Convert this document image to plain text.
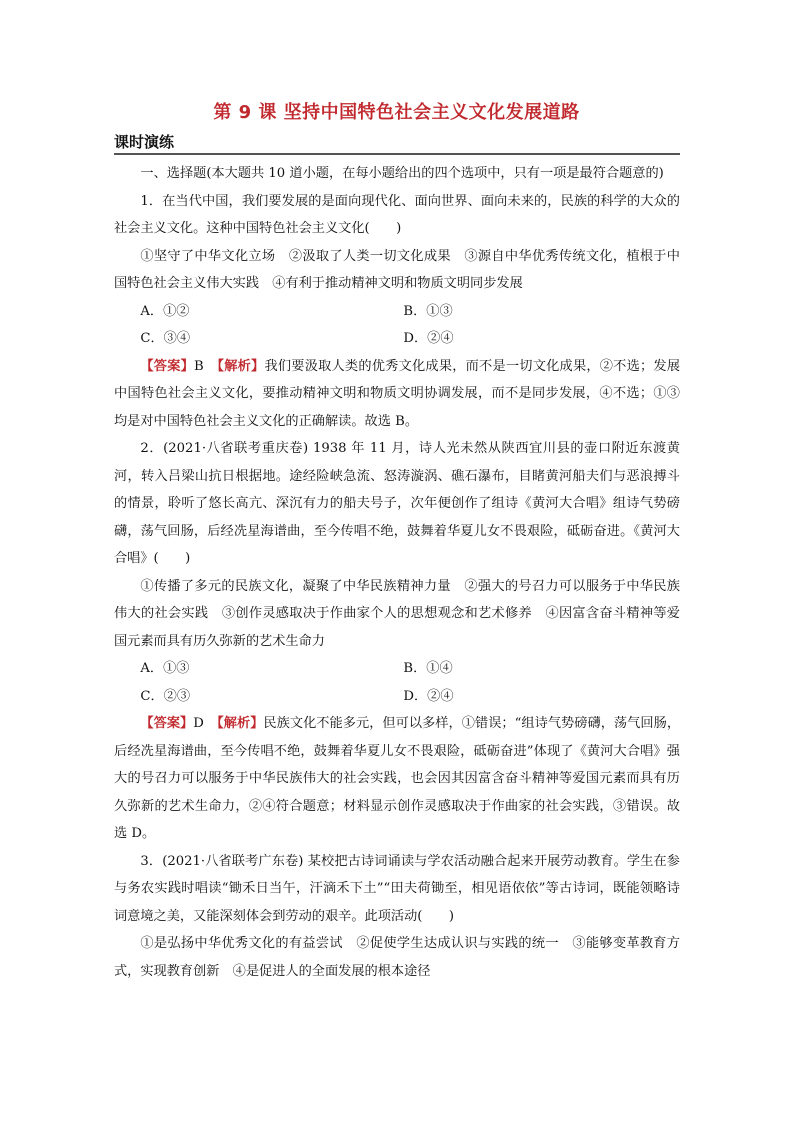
第 9 课 坚持中国特色社会主义文化发展道路
课时演练

一、选择题(本大题共 10 道小题，在每小题给出的四个选项中，只有一项是最符合题意的)

1．在当代中国，我们要发展的是面向现代化、面向世界、面向未来的，民族的科学的大众的社会主义文化。这种中国特色社会主义文化(　　)

①坚守了中华文化立场　②汲取了人类一切文化成果　③源自中华优秀传统文化，植根于中国特色社会主义伟大实践　④有利于推动精神文明和物质文明同步发展

A．①②	B．①③
C．③④	D．②④

【答案】B　 【解析】我们要汲取人类的优秀文化成果，而不是一切文化成果，②不选；发展中国特色社会主义文化，要推动精神文明和物质文明协调发展，而不是同步发展，④不选；①③均是对中国特色社会主义文化的正确解读。故选 B。

2．(2021·八省联考重庆卷) 1938 年 11 月，诗人光未然从陕西宜川县的壶口附近东渡黄河，转入吕梁山抗日根据地。途经险峡急流、怒涛漩涡、礁石瀑布，目睹黄河船夫们与恶浪搏斗的情景，聆听了悠长高亢、深沉有力的船夫号子，次年便创作了组诗《黄河大合唱》组诗气势磅礴，荡气回肠，后经冼星海谱曲，至今传唱不绝，鼓舞着华夏儿女不畏艰险，砥砺奋进。《黄河大合唱》(　　)

①传播了多元的民族文化，凝聚了中华民族精神力量　②强大的号召力可以服务于中华民族伟大的社会实践　③创作灵感取决于作曲家个人的思想观念和艺术修养　④因富含奋斗精神等爱国元素而具有历久弥新的艺术生命力

A．①③	B．①④
C．②③	D．②④

【答案】D　 【解析】民族文化不能多元，但可以多样，①错误；“组诗气势磅礴，荡气回肠，后经冼星海谱曲，至今传唱不绝，鼓舞着华夏儿女不畏艰险，砥砺奋进”体现了《黄河大合唱》强大的号召力可以服务于中华民族伟大的社会实践，也会因其因富含奋斗精神等爱国元素而具有历久弥新的艺术生命力，②④符合题意；材料显示创作灵感取决于作曲家的社会实践，③错误。故选 D。

3．(2021·八省联考广东卷) 某校把古诗词诵读与学农活动融合起来开展劳动教育。学生在参与务农实践时唱读“锄禾日当午，汗滴禾下土”“田夫荷锄至，相见语依依”等古诗词，既能领略诗词意境之美，又能深刻体会到劳动的艰辛。此项活动(　　)

①是弘扬中华优秀文化的有益尝试　②促使学生达成认识与实践的统一　③能够变革教育方式，实现教育创新　④是促进人的全面发展的根本途径
